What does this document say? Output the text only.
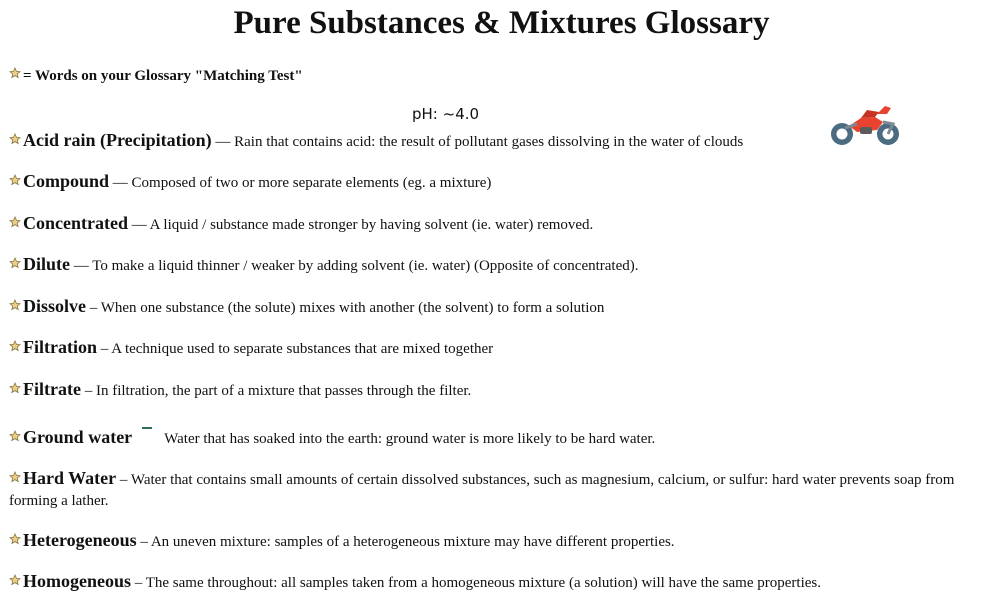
Pure Substances & Mixtures Glossary
= Words on your Glossary "Matching Test"
pH: ~4.0
Acid rain (Precipitation) — Rain that contains acid: the result of pollutant gases dissolving in the water of clouds
Compound — Composed of two or more separate elements (eg. a mixture)
Concentrated — A liquid / substance made stronger by having solvent (ie. water) removed.
Dilute — To make a liquid thinner / weaker by adding solvent (ie. water) (Opposite of concentrated).
Dissolve – When one substance (the solute) mixes with another (the solvent) to form a solution
Filtration – A technique used to separate substances that are mixed together
Filtrate – In filtration, the part of a mixture that passes through the filter.
Ground water Water that has soaked into the earth: ground water is more likely to be hard water.
Hard Water – Water that contains small amounts of certain dissolved substances, such as magnesium, calcium, or sulfur: hard water prevents soap from forming a lather.
Heterogeneous – An uneven mixture: samples of a heterogeneous mixture may have different properties.
Homogeneous – The same throughout: all samples taken from a homogeneous mixture (a solution) will have the same properties.
